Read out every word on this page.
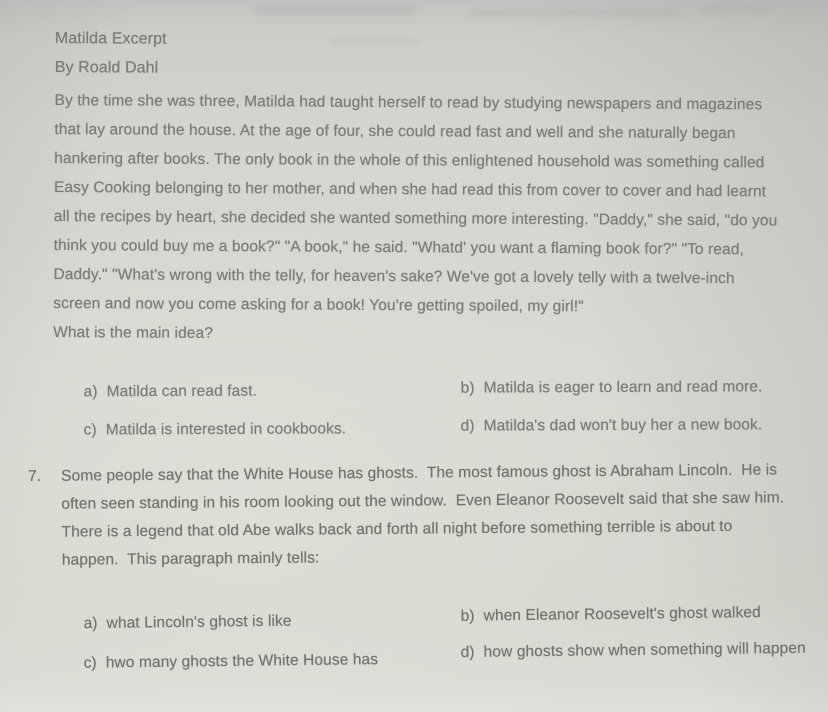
Matilda Excerpt
By Roald Dahl
By the time she was three, Matilda had taught herself to read by studying newspapers and magazines
that lay around the house. At the age of four, she could read fast and well and she naturally began
hankering after books. The only book in the whole of this enlightened household was something called
Easy Cooking belonging to her mother, and when she had read this from cover to cover and had learnt
all the recipes by heart, she decided she wanted something more interesting. "Daddy," she said, "do you
think you could buy me a book?" "A book," he said. "Whatd' you want a flaming book for?" "To read,
Daddy." "What's wrong with the telly, for heaven's sake? We've got a lovely telly with a twelve-inch
screen and now you come asking for a book! You're getting spoiled, my girl!"
What is the main idea?

a) Matilda can read fast.
	b) Matilda is eager to learn and read more.

c) Matilda is interested in cookbooks.
	d) Matilda's dad won't buy her a new book.

7. Some people say that the White House has ghosts.  The most famous ghost is Abraham Lincoln.  He is
often seen standing in his room looking out the window.  Even Eleanor Roosevelt said that she saw him.
There is a legend that old Abe walks back and forth all night before something terrible is about to
happen.  This paragraph mainly tells:

a) what Lincoln's ghost is like
	b) when Eleanor Roosevelt's ghost walked

c) hwo many ghosts the White House has
	d) how ghosts show when something will happen
